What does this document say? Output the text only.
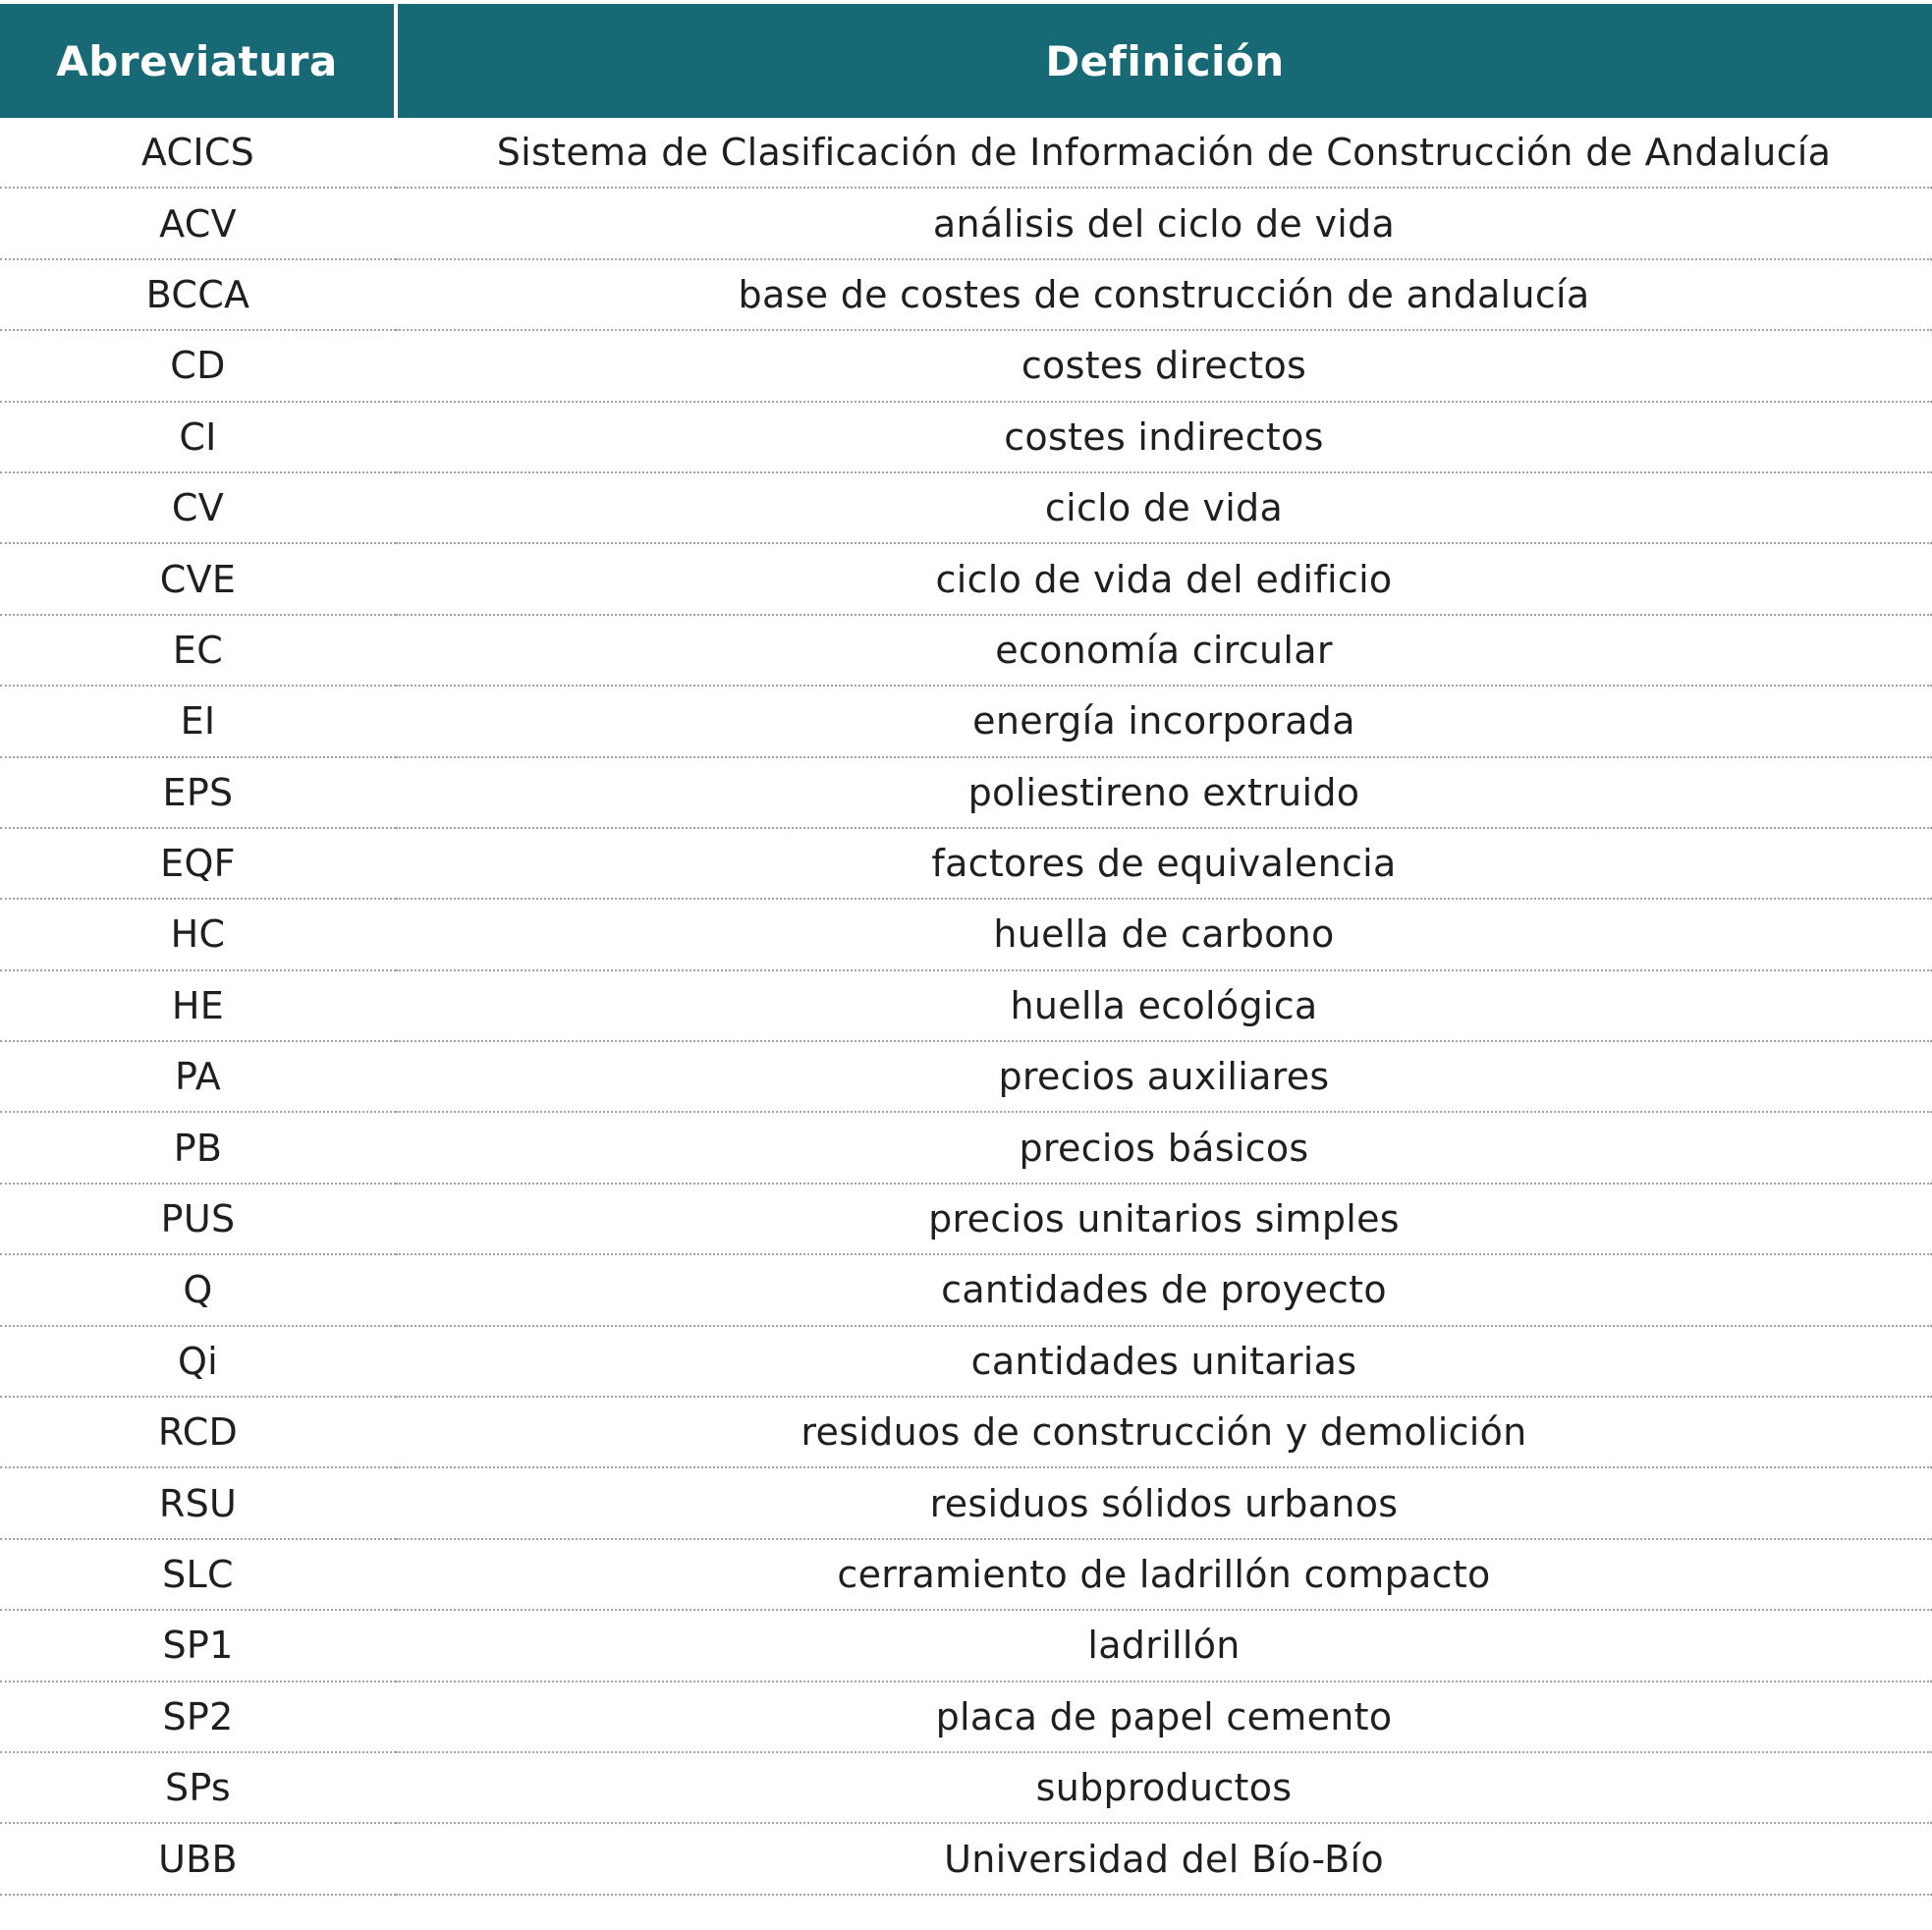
Abreviatura	Definición
ACICS	Sistema de Clasificación de Información de Construcción de Andalucía
ACV	análisis del ciclo de vida
BCCA	base de costes de construcción de andalucía
CD	costes directos
CI	costes indirectos
CV	ciclo de vida
CVE	ciclo de vida del edificio
EC	economía circular
EI	energía incorporada
EPS	poliestireno extruido
EQF	factores de equivalencia
HC	huella de carbono
HE	huella ecológica
PA	precios auxiliares
PB	precios básicos
PUS	precios unitarios simples
Q	cantidades de proyecto
Qi	cantidades unitarias
RCD	residuos de construcción y demolición
RSU	residuos sólidos urbanos
SLC	cerramiento de ladrillón compacto
SP1	ladrillón
SP2	placa de papel cemento
SPs	subproductos
UBB	Universidad del Bío-Bío
